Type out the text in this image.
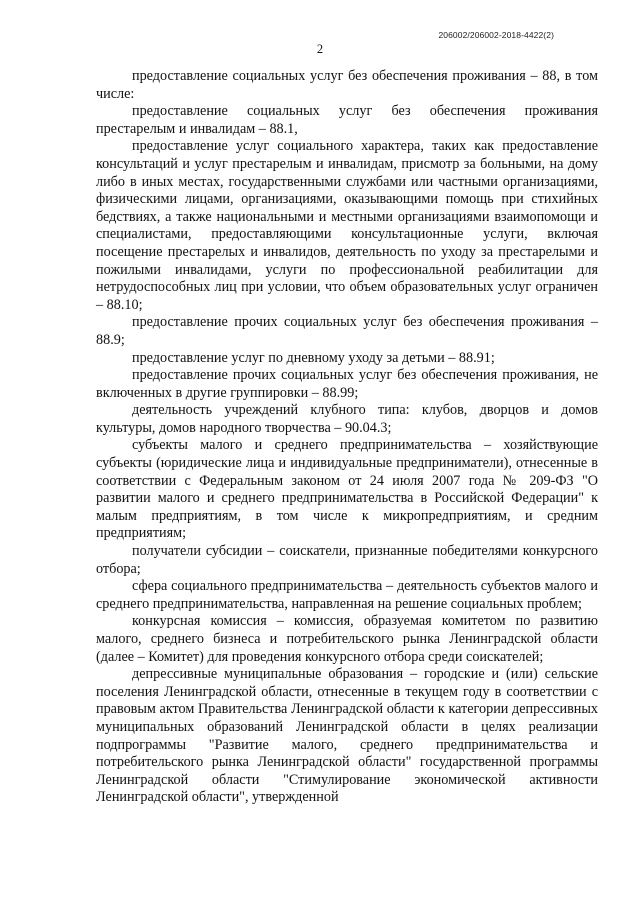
206002/206002-2018-4422(2)
2

предоставление социальных услуг без обеспечения проживания – 88, в том числе:

предоставление социальных услуг без обеспечения проживания престарелым и инвалидам – 88.1,

предоставление услуг социального характера, таких как предоставление консультаций и услуг престарелым и инвалидам, присмотр за больными, на дому либо в иных местах, государственными службами или частными организациями, физическими лицами, организациями, оказывающими помощь при стихийных бедствиях, а также национальными и местными организациями взаимопомощи и специалистами, предоставляющими консультационные услуги, включая посещение престарелых и инвалидов, деятельность по уходу за престарелыми и пожилыми инвалидами, услуги по профессиональной реабилитации для нетрудоспособных лиц при условии, что объем образовательных услуг ограничен – 88.10;

предоставление прочих социальных услуг без обеспечения проживания – 88.9;

предоставление услуг по дневному уходу за детьми – 88.91;

предоставление прочих социальных услуг без обеспечения проживания, не включенных в другие группировки – 88.99;

деятельность учреждений клубного типа: клубов, дворцов и домов культуры, домов народного творчества – 90.04.3;

субъекты малого и среднего предпринимательства – хозяйствующие субъекты (юридические лица и индивидуальные предприниматели), отнесенные в соответствии с Федеральным законом от 24 июля 2007 года № 209-ФЗ "О развитии малого и среднего предпринимательства в Российской Федерации" к малым предприятиям, в том числе к микропредприятиям, и средним предприятиям;

получатели субсидии – соискатели, признанные победителями конкурсного отбора;

сфера социального предпринимательства – деятельность субъектов малого и среднего предпринимательства, направленная на решение социальных проблем;

конкурсная комиссия – комиссия, образуемая комитетом по развитию малого, среднего бизнеса и потребительского рынка Ленинградской области (далее – Комитет) для проведения конкурсного отбора среди соискателей;

депрессивные муниципальные образования – городские и (или) сельские поселения Ленинградской области, отнесенные в текущем году в соответствии с правовым актом Правительства Ленинградской области к категории депрессивных муниципальных образований Ленинградской области в целях реализации подпрограммы "Развитие малого, среднего предпринимательства и потребительского рынка Ленинградской области" государственной программы Ленинградской области "Стимулирование экономической активности Ленинградской области", утвержденной
